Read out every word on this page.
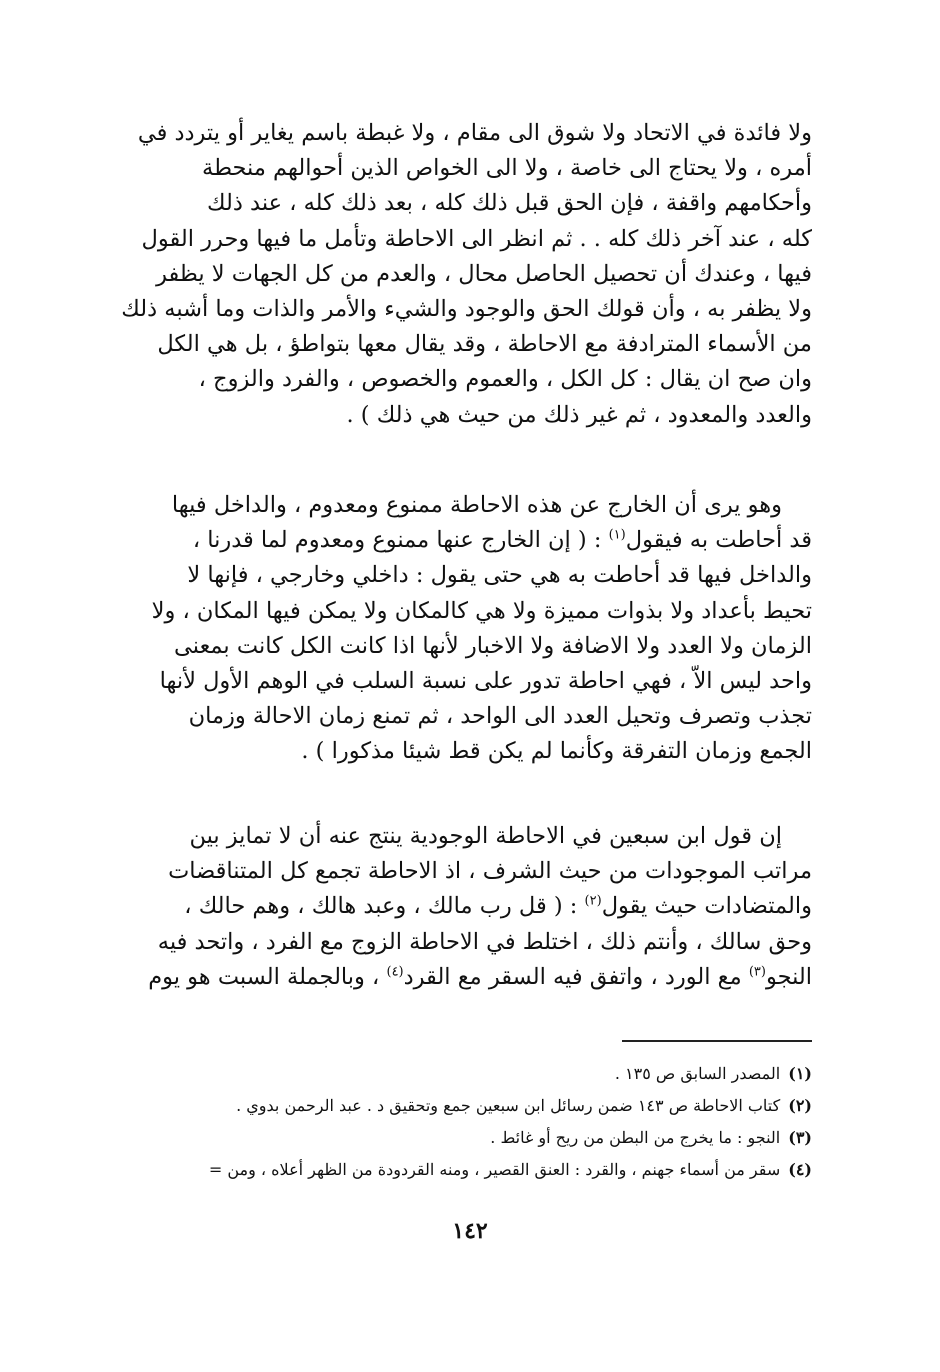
ولا فائدة في الاتحاد ولا شوق الى مقام ، ولا غبطة باسم يغاير أو يتردد في
أمره ، ولا يحتاج الى خاصة ، ولا الى الخواص الذين أحوالهم منحطة
وأحكامهم واقفة ، فإن الحق قبل ذلك كله ، بعد ذلك كله ، عند ذلك
كله ، عند آخر ذلك كله . . ثم انظر الى الاحاطة وتأمل ما فيها وحرر القول
فيها ، وعندك أن تحصيل الحاصل محال ، والعدم من كل الجهات لا يظفر
ولا يظفر به ، وأن قولك الحق والوجود والشيء والأمر والذات وما أشبه ذلك
من الأسماء المترادفة مع الاحاطة ، وقد يقال معها بتواطؤ ، بل هي الكل
وان صح ان يقال : كل الكل ، والعموم والخصوص ، والفرد والزوج ،
والعدد والمعدود ، ثم غير ذلك من حيث هي ذلك ) .
وهو يرى أن الخارج عن هذه الاحاطة ممنوع ومعدوم ، والداخل فيها
قد أحاطت به فيقول$^{(١)}$ : ( إن الخارج عنها ممنوع ومعدوم لما قدرنا ،
والداخل فيها قد أحاطت به هي حتى يقول : داخلي وخارجي ، فإنها لا
تحيط بأعداد ولا بذوات مميزة ولا هي كالمكان ولا يمكن فيها المكان ، ولا
الزمان ولا العدد ولا الاضافة ولا الاخبار لأنها اذا كانت الكل كانت بمعنى
واحد ليس الاّ ، فهي احاطة تدور على نسبة السلب في الوهم الأول لأنها
تجذب وتصرف وتحيل العدد الى الواحد ، ثم تمنع زمان الاحالة وزمان
الجمع وزمان التفرقة وكأنما لم يكن قط شيئا مذكورا ) .
إن قول ابن سبعين في الاحاطة الوجودية ينتج عنه أن لا تمايز بين
مراتب الموجودات من حيث الشرف ، اذ الاحاطة تجمع كل المتناقضات
والمتضادات حيث يقول$^{(٢)}$ : ( قل رب مالك ، وعبد هالك ، وهم حالك ،
وحق سالك ، وأنتم ذلك ، اختلط في الاحاطة الزوج مع الفرد ، واتحد فيه
النجو$^{(٣)}$ مع الورد ، واتفق فيه السقر مع القرد$^{(٤)}$ ، وبالجملة السبت هو يوم
(١)المصدر السابق ص ١٣٥ .
(٢)كتاب الاحاطة ص ١٤٣ ضمن رسائل ابن سبعين جمع وتحقيق د . عبد الرحمن بدوي .
(٣)النجو : ما يخرج من البطن من ريح أو غائط .
(٤)سقر من أسماء جهنم ، والقرد : العنق القصير ، ومنه القردودة من الظهر أعلاه ، ومن =
١٤٢
